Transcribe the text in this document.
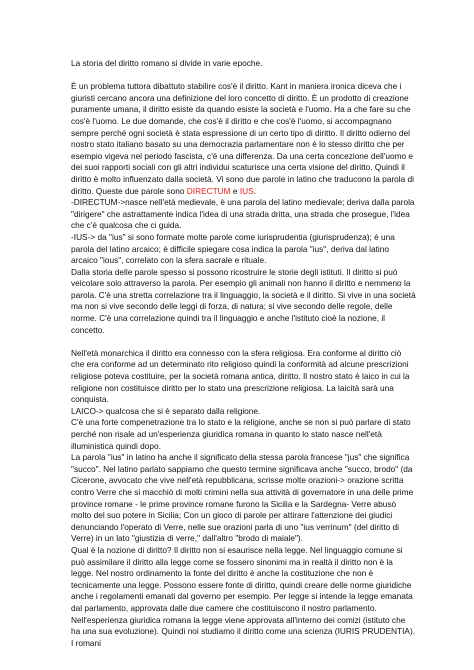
La storia del diritto romano si divide in varie epoche.

È un problema tuttora dibattuto stabilire cos'è il diritto. Kant in maniera ironica diceva che i giuristi cercano ancora una definizione del loro concetto di diritto. È un prodotto di creazione puramente umana, il diritto esiste da quando esiste la società e l'uomo. Ha a che fare su che cos'è l'uomo. Le due domande, che cos'è il diritto e che cos'è l'uomo, si accompagnano sempre perché ogni società è stata espressione di un certo tipo di diritto. Il diritto odierno del nostro stato italiano basato su una democrazia parlamentare non è lo stesso diritto che per esempio vigeva nel periodo fascista, c'è una differenza. Da una certa concezione dell'uomo e dei suoi rapporti sociali con gli altri individui scaturisce una certa visione del diritto. Quindi il diritto è molto influenzato dalla società. Vi sono due parole in latino che traducono la parola di diritto. Queste due parole sono DIRECTUM e IUS.

-DIRECTUM->nasce nell'età medievale, è una parola del latino medievale; deriva dalla parola "dirigere" che astrattamente indica l'idea di una strada dritta, una strada che prosegue, l'idea che c'è qualcosa che ci guida.

-IUS-> da "ius" si sono formate molte parole come iurisprudentia (giurisprudenza); è una parola del latino arcaico; è difficile spiegare cosa indica la parola "ius", deriva dal latino arcaico "ious", correlato con la sfera sacrale e rituale.

Dalla storia delle parole spesso si possono ricostruire le storie degli istituti. Il diritto si può veicolare solo attraverso la parola. Per esempio gli animali non hanno il diritto e nemmeno la parola. C'è una stretta correlazione tra il linguaggio, la società e il diritto. Si vive in una società ma non si vive secondo delle leggi di forza, di natura; si vive secondo delle regole, delle norme. C'è una correlazione quindi tra il linguaggio e anche l'istituto cioè la nozione, il concetto.

Nell'età monarchica il diritto era connesso con la sfera religiosa. Era conforme al diritto ciò che era conforme ad un determinato rito religioso quindi la conformità ad alcune prescrizioni religiose poteva costituire, per la società romana antica, diritto. Il nostro stato è laico in cui la religione non costituisce diritto per lo stato una prescrizione religiosa. La laicità sarà una conquista.

LAICO-> qualcosa che si è separato dalla religione.

C'è una forte compenetrazione tra lo stato e la religione, anche se non si può parlare di stato perché non risale ad un'esperienza giuridica romana in quanto lo stato nasce nell'età illuministica quindi dopo.

La parola "ius" in latino ha anche il significato della stessa parola francese "jus" che significa "succo". Nel latino parlato sappiamo che questo termine significava anche "succo, brodo" (da Cicerone, avvocato che vive nell'età repubblicana, scrisse molte orazioni-> orazione scritta contro Verre che si macchiò di molti crimini nella sua attività di governatore in una delle prime province romane - le prime province romane furono la Sicilia e la Sardegna- Verre abusò molto del suo potere in Sicilia; Con un gioco di parole per attirare l'attenzione dei giudici denunciando l'operato di Verre, nelle sue orazioni parla di uno "ius verrinum" (del diritto di Verre) in un lato "giustizia di verre," dall'altro "brodo di maiale").

Qual è la nozione di diritto? Il diritto non si esaurisce nella legge. Nel linguaggio comune si può assimilare il diritto alla legge come se fossero sinonimi ma in realtà il diritto non è la legge. Nel nostro ordinamento la fonte del diritto è anche la costituzione che non è tecnicamente una legge. Possono essere fonte di diritto, quindi creare delle norme giuridiche anche i regolamenti emanati dal governo per esempio. Per legge si intende la legge emanata dal parlamento, approvata dalle due camere che costituiscono il nostro parlamento.

Nell'esperienza giuridica romana la legge viene approvata all'interno dei comizi (istituto che ha una sua evoluzione). Quindi noi studiamo il diritto come una scienza (IURIS PRUDENTIA). I romani
